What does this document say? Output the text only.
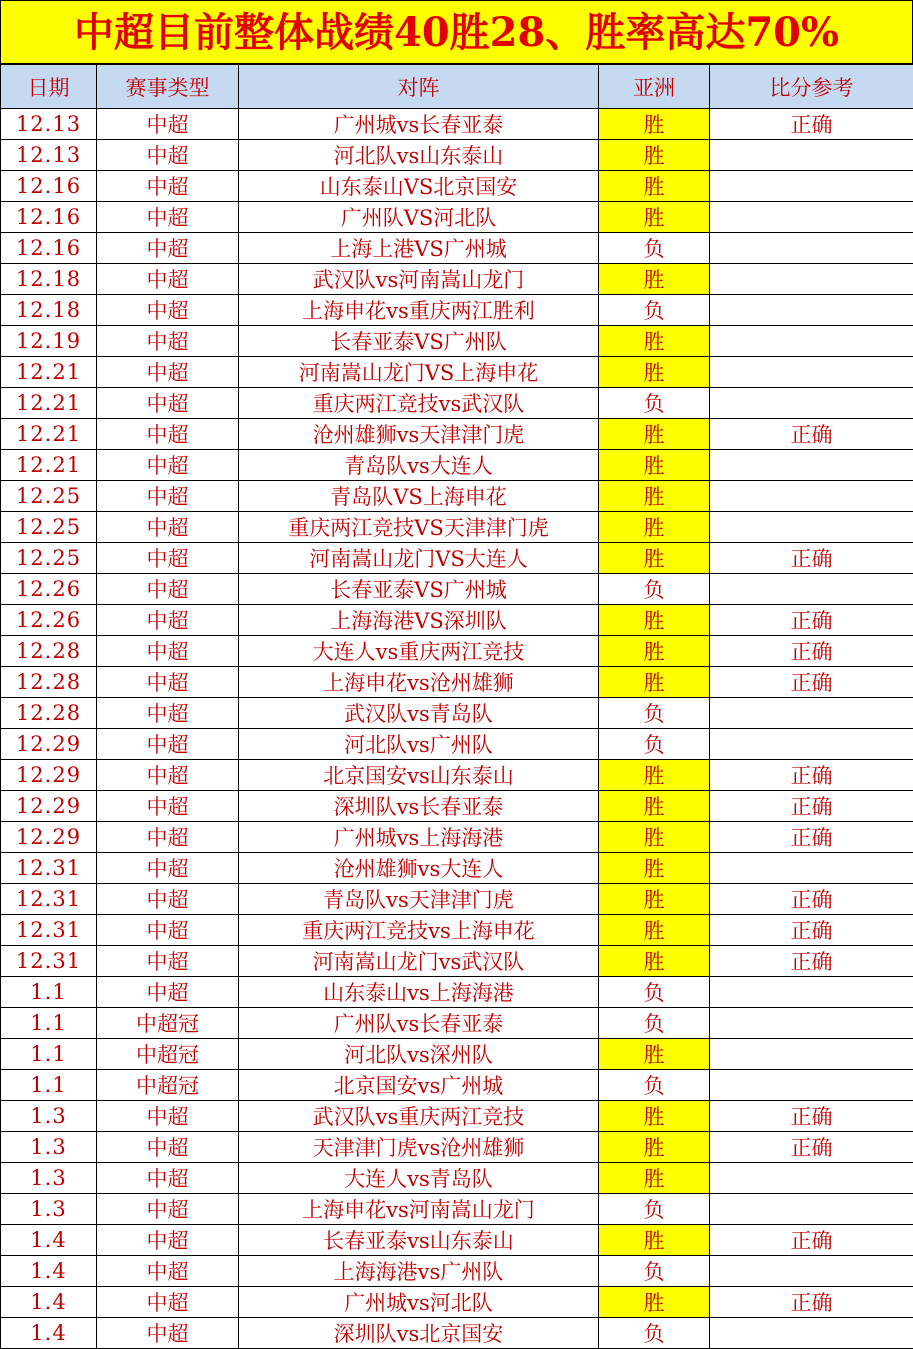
中超目前整体战绩40胜28、胜率高达70%
日期	赛事类型	对阵	亚洲	比分参考
12.13	中超	广州城vs长春亚泰	胜	正确
12.13	中超	河北队vs山东泰山	胜	
12.16	中超	山东泰山VS北京国安	胜	
12.16	中超	广州队VS河北队	胜	
12.16	中超	上海上港VS广州城	负	
12.18	中超	武汉队vs河南嵩山龙门	胜	
12.18	中超	上海申花vs重庆两江胜利	负	
12.19	中超	长春亚泰VS广州队	胜	
12.21	中超	河南嵩山龙门VS上海申花	胜	
12.21	中超	重庆两江竞技vs武汉队	负	
12.21	中超	沧州雄狮vs天津津门虎	胜	正确
12.21	中超	青岛队vs大连人	胜	
12.25	中超	青岛队VS上海申花	胜	
12.25	中超	重庆两江竞技VS天津津门虎	胜	
12.25	中超	河南嵩山龙门VS大连人	胜	正确
12.26	中超	长春亚泰VS广州城	负	
12.26	中超	上海海港VS深圳队	胜	正确
12.28	中超	大连人vs重庆两江竞技	胜	正确
12.28	中超	上海申花vs沧州雄狮	胜	正确
12.28	中超	武汉队vs青岛队	负	
12.29	中超	河北队vs广州队	负	
12.29	中超	北京国安vs山东泰山	胜	正确
12.29	中超	深圳队vs长春亚泰	胜	正确
12.29	中超	广州城vs上海海港	胜	正确
12.31	中超	沧州雄狮vs大连人	胜	
12.31	中超	青岛队vs天津津门虎	胜	正确
12.31	中超	重庆两江竞技vs上海申花	胜	正确
12.31	中超	河南嵩山龙门vs武汉队	胜	正确
1.1	中超	山东泰山vs上海海港	负	
1.1	中超冠	广州队vs长春亚泰	负	
1.1	中超冠	河北队vs深州队	胜	
1.1	中超冠	北京国安vs广州城	负	
1.3	中超	武汉队vs重庆两江竞技	胜	正确
1.3	中超	天津津门虎vs沧州雄狮	胜	正确
1.3	中超	大连人vs青岛队	胜	
1.3	中超	上海申花vs河南嵩山龙门	负	
1.4	中超	长春亚泰vs山东泰山	胜	正确
1.4	中超	上海海港vs广州队	负	
1.4	中超	广州城vs河北队	胜	正确
1.4	中超	深圳队vs北京国安	负	
